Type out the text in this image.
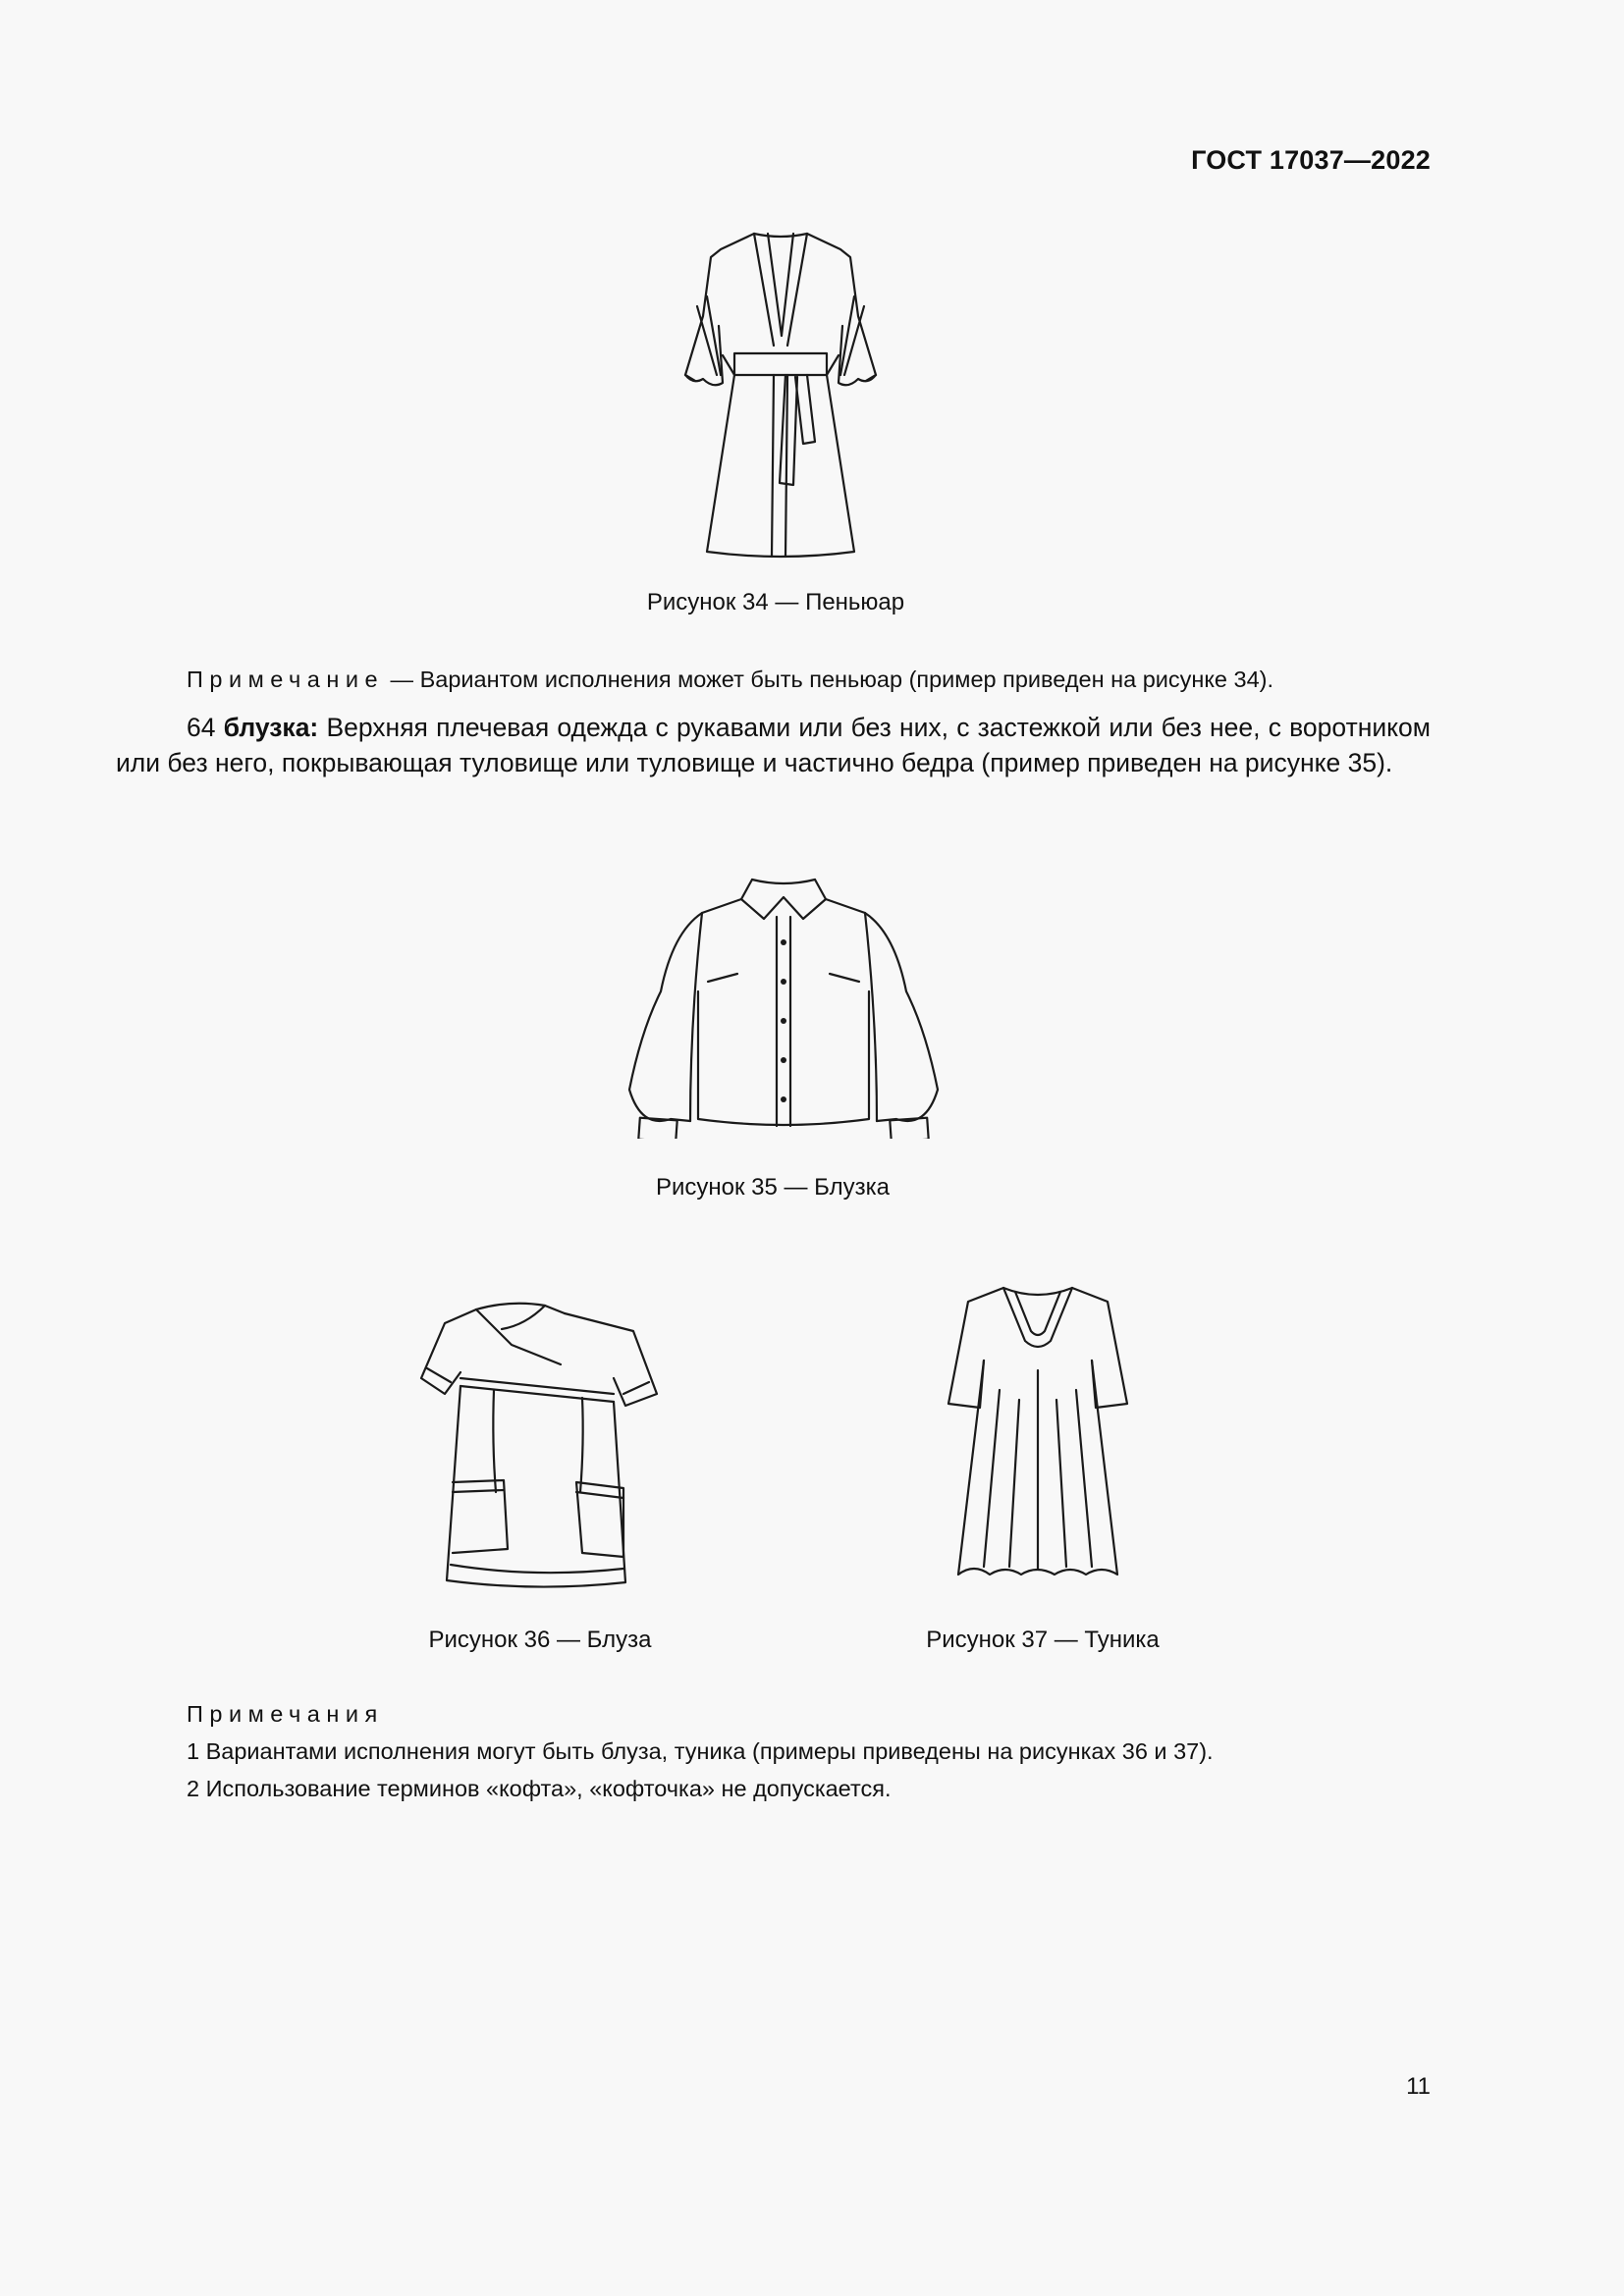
ГОСТ 17037—2022
Рисунок 34 — Пеньюар
Примечание — Вариантом исполнения может быть пеньюар (пример приведен на рисунке 34).
64 блузка: Верхняя плечевая одежда с рукавами или без них, с застежкой или без нее, с воротником или без него, покрывающая туловище или туловище и частично бедра (пример приведен на рисунке 35).
Рисунок 35 — Блузка
Рисунок 36 — Блуза	Рисунок 37 — Туника
Примечания
1 Вариантами исполнения могут быть блуза, туника (примеры приведены на рисунках 36 и 37).
2 Использование терминов «кофта», «кофточка» не допускается.
11
